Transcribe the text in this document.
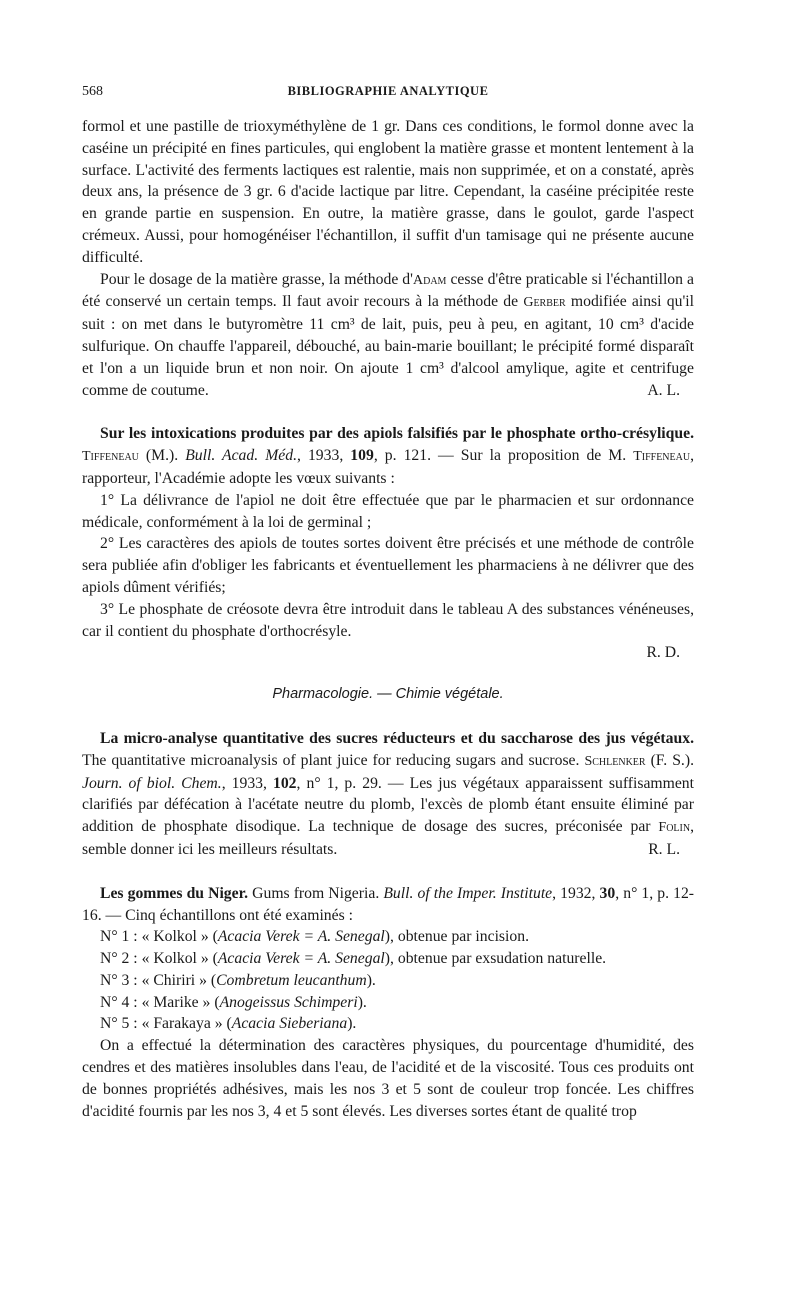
568	BIBLIOGRAPHIE ANALYTIQUE

formol et une pastille de trioxyméthylène de 1 gr. Dans ces conditions, le formol donne avec la caséine un précipité en fines particules, qui englobent la matière grasse et montent lentement à la surface. L'activité des ferments lactiques est ralentie, mais non supprimée, et on a constaté, après deux ans, la présence de 3 gr. 6 d'acide lactique par litre. Cependant, la caséine précipitée reste en grande partie en suspension. En outre, la matière grasse, dans le goulot, garde l'aspect crémeux. Aussi, pour homogénéiser l'échantillon, il suffit d'un tamisage qui ne présente aucune difficulté.

Pour le dosage de la matière grasse, la méthode d'Adam cesse d'être praticable si l'échantillon a été conservé un certain temps. Il faut avoir recours à la méthode de Gerber modifiée ainsi qu'il suit : on met dans le butyromètre 11 cm³ de lait, puis, peu à peu, en agitant, 10 cm³ d'acide sulfurique. On chauffe l'appareil, débouché, au bain-marie bouillant; le précipité formé disparaît et l'on a un liquide brun et non noir. On ajoute 1 cm³ d'alcool amylique, agite et centrifuge comme de coutume.	A. L.

Sur les intoxications produites par des apiols falsifiés par le phosphate ortho-crésylique. Tiffeneau (M.). Bull. Acad. Méd., 1933, 109, p. 121. — Sur la proposition de M. Tiffeneau, rapporteur, l'Académie adopte les vœux suivants :

1° La délivrance de l'apiol ne doit être effectuée que par le pharmacien et sur ordonnance médicale, conformément à la loi de germinal ;

2° Les caractères des apiols de toutes sortes doivent être précisés et une méthode de contrôle sera publiée afin d'obliger les fabricants et éventuellement les pharmaciens à ne délivrer que des apiols dûment vérifiés;

3° Le phosphate de créosote devra être introduit dans le tableau A des substances vénéneuses, car il contient du phosphate d'orthocrésyle.

R. D.

Pharmacologie. — Chimie végétale.

La micro-analyse quantitative des sucres réducteurs et du saccharose des jus végétaux. The quantitative microanalysis of plant juice for reducing sugars and sucrose. Schlenker (F. S.). Journ. of biol. Chem., 1933, 102, n° 1, p. 29. — Les jus végétaux apparaissent suffisamment clarifiés par défécation à l'acétate neutre du plomb, l'excès de plomb étant ensuite éliminé par addition de phosphate disodique. La technique de dosage des sucres, préconisée par Folin, semble donner ici les meilleurs résultats.	R. L.

Les gommes du Niger. Gums from Nigeria. Bull. of the Imper. Institute, 1932, 30, n° 1, p. 12-16. — Cinq échantillons ont été examinés :

N° 1 : « Kolkol » (Acacia Verek = A. Senegal), obtenue par incision.

N° 2 : « Kolkol » (Acacia Verek = A. Senegal), obtenue par exsudation naturelle.

N° 3 : « Chiriri » (Combretum leucanthum).

N° 4 : « Marike » (Anogeissus Schimperi).

N° 5 : « Farakaya » (Acacia Sieberiana).

On a effectué la détermination des caractères physiques, du pourcentage d'humidité, des cendres et des matières insolubles dans l'eau, de l'acidité et de la viscosité. Tous ces produits ont de bonnes propriétés adhésives, mais les nos 3 et 5 sont de couleur trop foncée. Les chiffres d'acidité fournis par les nos 3, 4 et 5 sont élevés. Les diverses sortes étant de qualité trop
